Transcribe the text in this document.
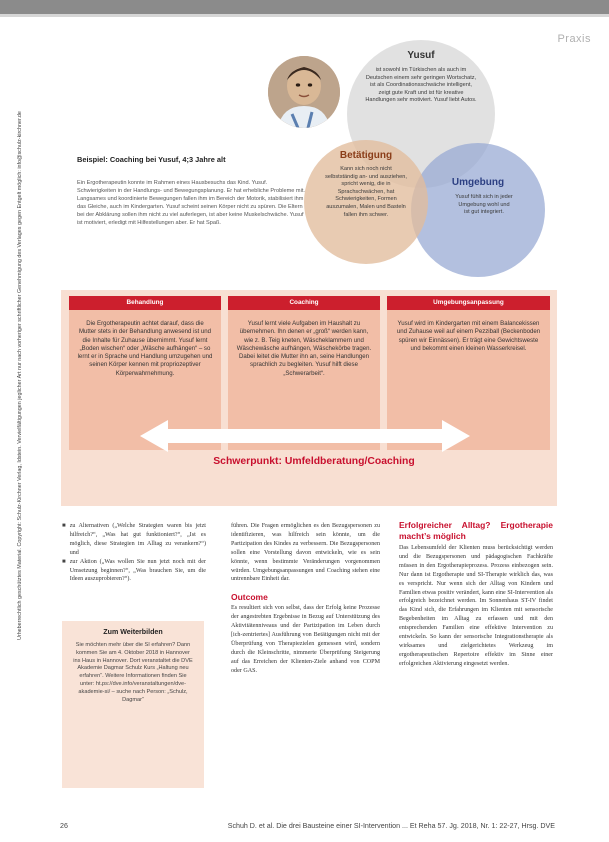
Praxis
Urheberrechtlich geschütztes Material. Copyright: Schulz-Kirchner Verlag, Idstein. Vervielfältigungen jeglicher Art nur nach vorheriger schriftlicher Genehmigung des Verlages gegen Entgelt möglich: info@schulz-kirchner.de
Yusuf
ist sowohl im Türkischen als auch im Deutschen einem sehr geringen Wortschatz, ist als Coordinationsschwäche intelligent, zeigt gute Kraft und ist für kreative Handlungen sehr motiviert. Yusuf liebt Autos.
Umgebung
Yusuf fühlt sich in jeder Umgebung wohl und ist gut integriert.
Betätigung
Kann sich noch nicht selbstständig an- und ausziehen, spricht wenig, die in Sprachschwächen, hat Schwierigkeiten, Formen auszumalen, Malen und Basteln fallen ihm schwer.
Beispiel: Coaching bei Yusuf, 4;3 Jahre alt
Ein Ergotherapeutin konnte im Rahmen eines Hausbesuchs das Kind. Yusuf. Schwierigkeiten in der Handlungs- und Bewegungsplanung. Er hat erhebliche Probleme mit. Langsames und koordinierte Bewegungen fallen ihm im Bereich der Motorik, stabilisiert ihm das Gleiche, auch im Kindergarten. Yusuf scheint seinen Körper nicht zu spüren. Die Eltern bei der Abklärung sollen ihm nicht zu viel auferlegen, ist aber keine Muskelschwäche. Yusuf ist motiviert, erledigt mit Hilfestellungen aber. Er hat Spaß.
Behandlung	Coaching	Umgebungsanpassung
Die Ergotherapeutin achtet darauf, dass die Mutter stets in der Behandlung anwesend ist und die Inhalte für Zuhause übernimmt. Yusuf lernt „Boden wischen“ oder „Wäsche aufhängen“ – so lernt er in Sprache und Handlung umzugehen und seinen Körper kennen mit propriozeptiver Körperwahrnehmung.
Yusuf lernt viele Aufgaben im Haushalt zu übernehmen. Ihn denen er „groß“ werden kann, wie z. B. Teig kneten, Wäscheklammern und Wäschewäsche aufhängen, Wäschekörbe tragen. Dabei leitet die Mutter ihn an, seine Handlungen sprachlich zu begleiten. Yusuf hilft diese „Schwerarbeit“.
Yusuf wird im Kindergarten mit einem Balancekissen und Zuhause weil auf einem Pezziball (Beckenboden spüren wir Einnässen). Er trägt eine Gewichtsweste und bekommt einen kleinen Wasserkreisel.
Schwerpunkt: Umfeldberatung/Coaching
■ zu Alternativen („Welche Strategien waren bis jetzt hilfreich?“, „Was hat gut funktioniert?“, „Ist es möglich, diese Strategien im Alltag zu verankern?“) und
■ zur Aktion („Was wollen Sie nun jetzt noch mit der Umsetzung beginnen?“, „Was brauchen Sie, um die Ideen auszuprobieren?“).
Zum Weiterbilden
Sie möchten mehr über die SI erfahren? Dann kommen Sie am 4. Oktober 2018 in Hannover ins Haus in Hannover. Dort veranstaltet die DVE Akademie Dagmar Schulz Kurs „Haltung neu erfahren“. Weitere Informationen finden Sie unter: ht.ps://dve.info/veranstaltungen/dve-akademie-si/ – suche nach Person: „Schulz, Dagmar“
führen. Die Fragen ermöglichen es den Bezugspersonen zu identifizieren, was hilfreich sein könnte, um die Partizipation des Kindes zu verbessern. Die Bezugspersonen sollen eine Vorstellung davon entwickeln, wie es sein könnte, wenn bestimmte Veränderungen vorgenommen würden. Umgebungsanpassungen und Coaching stehen eine untrennbare Einheit dar.
Outcome
Es resultiert sich von selbst, dass der Erfolg keine Prozesse der angestrebten Ergebnisse in Bezug auf Unterstützung des Aktivitätenniveaus und der Partizipation im Leben durch [ich-zentriertes] Ausführung von Betätigungen nicht mit der Überprüfung von Therapiezielen gemessen wird, sondern durch die Kleinschritte, nimmerte Überprüfung Steigerung auf das Erreichen der Klienten-Ziele anhand von COPM oder GAS.
Erfolgreicher Alltag? Ergotherapie macht’s möglich
Das Lebensumfeld der Klienten muss berücksichtigt werden und die Bezugspersonen und pädagogischen Fachkräfte müssen in den Ergotherapieprozess. Prozess einbezogen sein. Nur dann ist Ergotherapie und SI-Therapie wirklich das, was es verspricht. Nur wenn sich der Alltag von Kindern und Familien etwas positiv verändert, kann eine SI-Intervention als erfolgreich bezeichnet werden. Im Sonnenhaus ST-IV findet das Kind sich, die Erfahrungen im Klienten mit sensorische Begebenheiten im Alltag zu erfassen und mit den entsprechenden Familien eine effektive Intervention zu entwickeln. So kann der sensorische Integrationstherapie als wirksames und zielgerichtetes Werkzeug im ergotherapeutischen Repertoire effektiv im Sinne einer erfolgreichen Aktivierung eingesetzt werden.
26	Schuh D. et al. Die drei Bausteine einer SI-Intervention ... Et Reha 57. Jg. 2018, Nr. 1: 22-27, Hrsg. DVE
